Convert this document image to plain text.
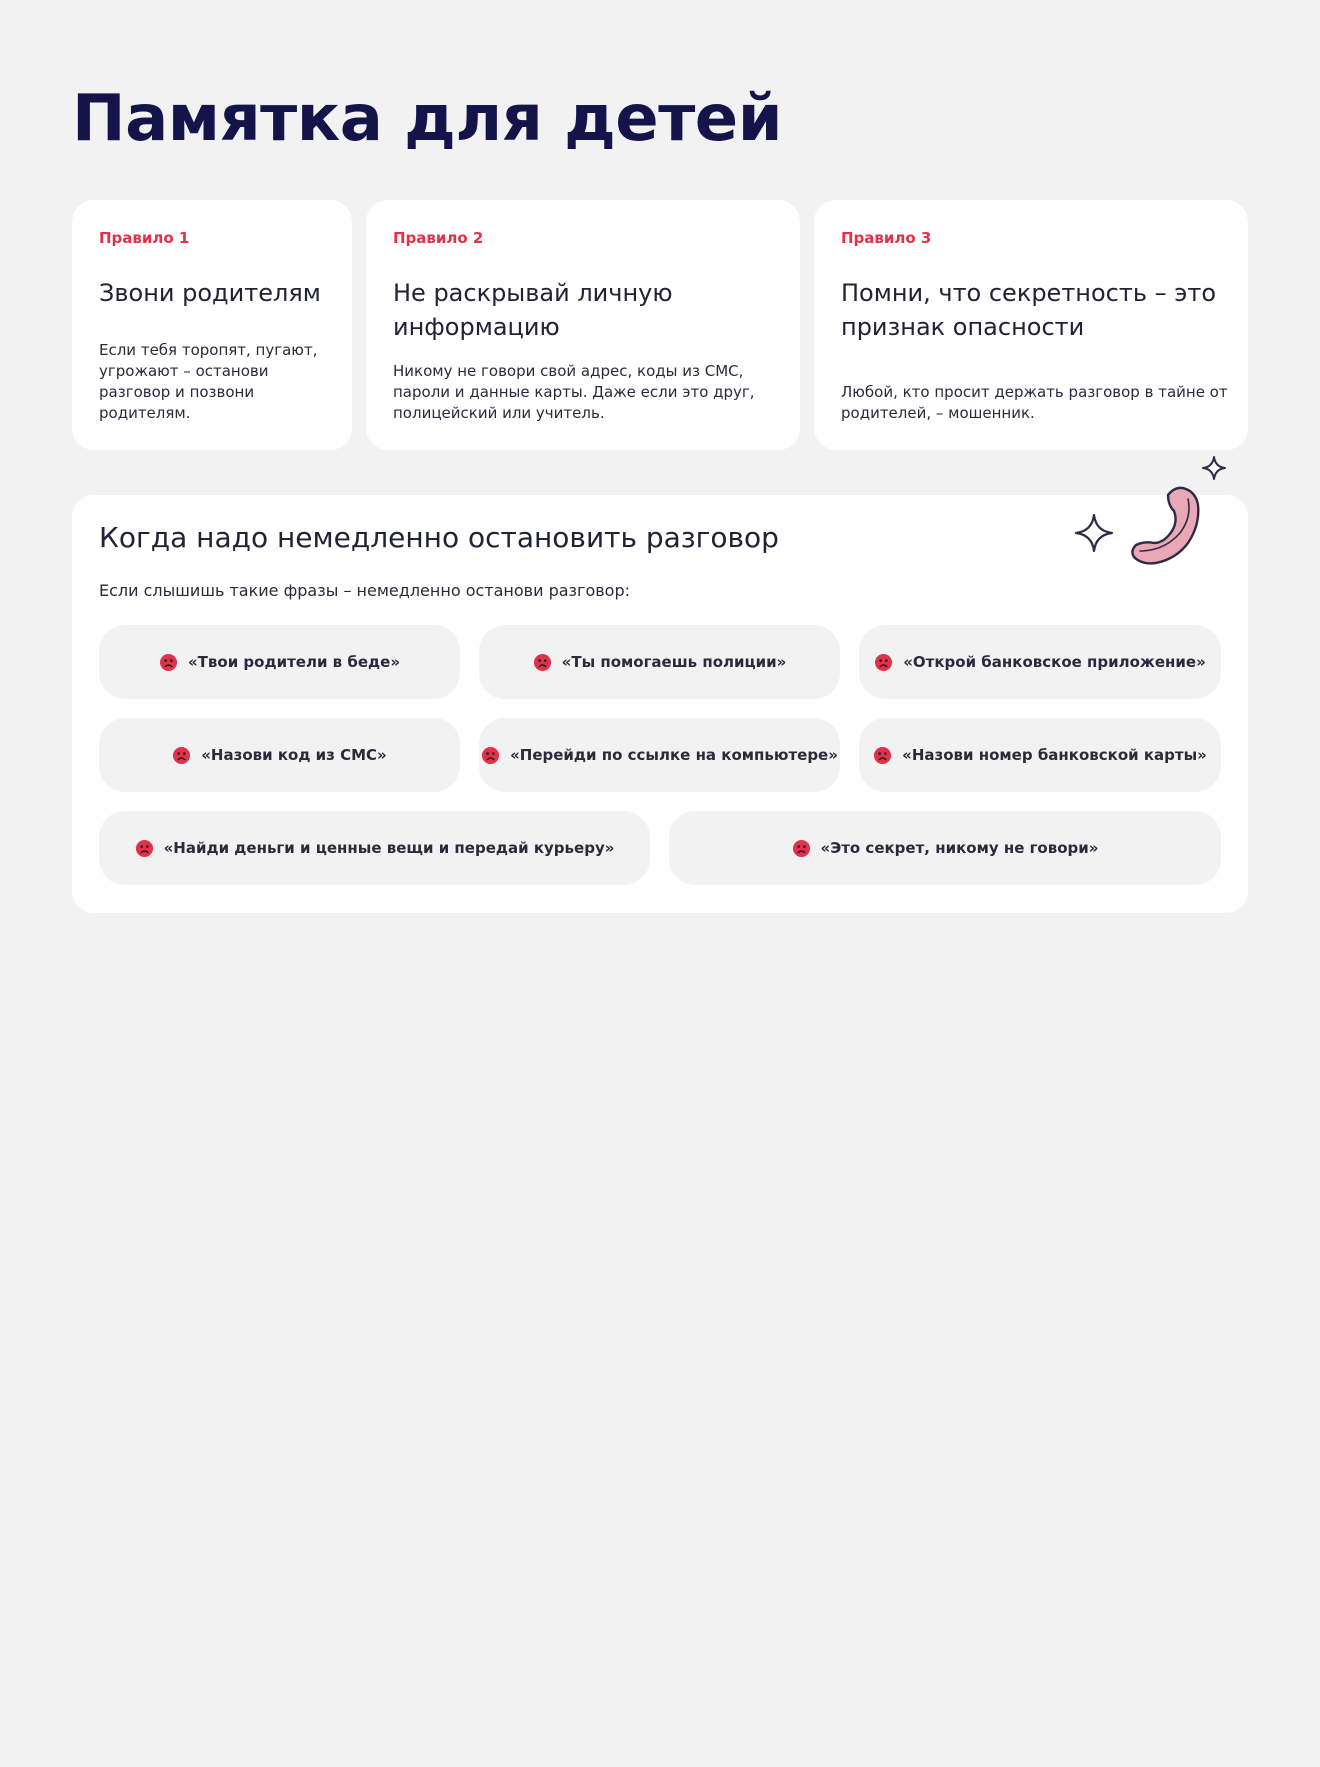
Памятка для детей
Правило 1
Звони родителям
Если тебя торопят, пугают, угрожают – останови разговор и позвони родителям.
Правило 2
Не раскрывай личную информацию
Никому не говори свой адрес, коды из СМС, пароли и данные карты. Даже если это друг, полицейский или учитель.
Правило 3
Помни, что секретность – это признак опасности
Любой, кто просит держать разговор в тайне от родителей, – мошенник.
Когда надо немедленно остановить разговор
Если слышишь такие фразы – немедленно останови разговор:
«Твои родители в беде»	«Ты помогаешь полиции»	«Открой банковское приложение»
«Назови код из СМС»	«Перейди по ссылке на компьютере»	«Назови номер банковской карты»
«Найди деньги и ценные вещи и передай курьеру»	«Это секрет, никому не говори»
